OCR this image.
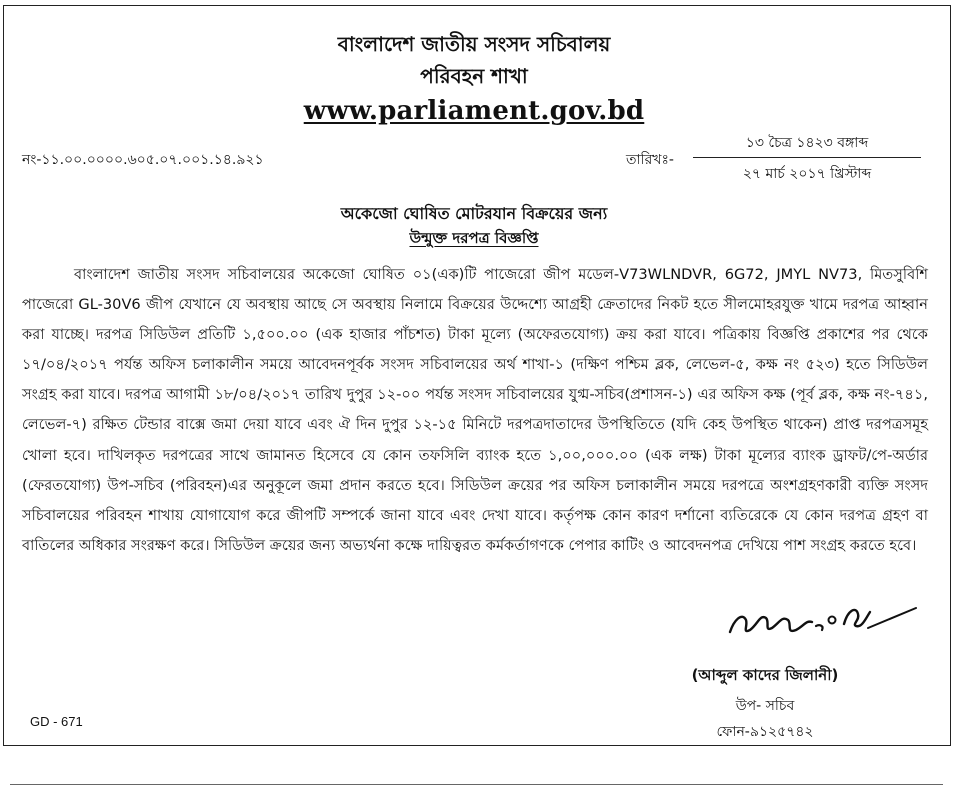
বাংলাদেশ জাতীয় সংসদ সচিবালয়
পরিবহন শাখা
www.parliament.gov.bd
নং-১১.০০.০০০০.৬০৫.০৭.০০১.১৪.৯২১	তারিখঃ-
১৩ চৈত্র ১৪২৩ বঙ্গাব্দ
২৭ মার্চ ২০১৭ খ্রিস্টাব্দ
অকেজো ঘোষিত মোটরযান বিক্রয়ের জন্য
উন্মুক্ত দরপত্র বিজ্ঞপ্তি
বাংলাদেশ জাতীয় সংসদ সচিবালয়ের অকেজো ঘোষিত ০১(এক)টি পাজেরো জীপ মডেল-V73WLNDVR, 6G72, JMYL NV73, মিতসুবিশি পাজেরো GL-30V6 জীপ যেখানে যে অবস্থায় আছে সে অবস্থায় নিলামে বিক্রয়ের উদ্দেশ্যে আগ্রহী ক্রেতাদের নিকট হতে সীলমোহরযুক্ত খামে দরপত্র আহ্বান করা যাচ্ছে। দরপত্র সিডিউল প্রতিটি ১,৫০০.০০ (এক হাজার পাঁচশত) টাকা মূল্যে (অফেরতযোগ্য) ক্রয় করা যাবে। পত্রিকায় বিজ্ঞপ্তি প্রকাশের পর থেকে ১৭/০৪/২০১৭ পর্যন্ত অফিস চলাকালীন সময়ে আবেদনপূর্বক সংসদ সচিবালয়ের অর্থ শাখা-১ (দক্ষিণ পশ্চিম ব্লক, লেভেল-৫, কক্ষ নং ৫২৩) হতে সিডিউল সংগ্রহ করা যাবে। দরপত্র আগামী ১৮/০৪/২০১৭ তারিখ দুপুর ১২-০০ পর্যন্ত সংসদ সচিবালয়ের যুগ্ম-সচিব(প্রশাসন-১) এর অফিস কক্ষ (পূর্ব ব্লক, কক্ষ নং-৭৪১, লেভেল-৭) রক্ষিত টেন্ডার বাক্সে জমা দেয়া যাবে এবং ঐ দিন দুপুর ১২-১৫ মিনিটে দরপত্রদাতাদের উপস্থিতিতে (যদি কেহ উপস্থিত থাকেন) প্রাপ্ত দরপত্রসমূহ খোলা হবে। দাখিলকৃত দরপত্রের সাথে জামানত হিসেবে যে কোন তফসিলি ব্যাংক হতে ১,০০,০০০.০০ (এক লক্ষ) টাকা মূল্যের ব্যাংক ড্রাফট/পে-অর্ডার (ফেরতযোগ্য) উপ-সচিব (পরিবহন)এর অনুকূলে জমা প্রদান করতে হবে। সিডিউল ক্রয়ের পর অফিস চলাকালীন সময়ে দরপত্রে অংশগ্রহণকারী ব্যক্তি সংসদ সচিবালয়ের পরিবহন শাখায় যোগাযোগ করে জীপটি সম্পর্কে জানা যাবে এবং দেখা যাবে। কর্তৃপক্ষ কোন কারণ দর্শানো ব্যতিরেকে যে কোন দরপত্র গ্রহণ বা বাতিলের অধিকার সংরক্ষণ করে। সিডিউল ক্রয়ের জন্য অভ্যর্থনা কক্ষে দায়িত্বরত কর্মকর্তাগণকে পেপার কাটিং ও আবেদনপত্র দেখিয়ে পাশ সংগ্রহ করতে হবে।
(আব্দুল কাদের জিলানী)
উপ- সচিব
ফোন-৯১২৫৭৪২
GD - 671
